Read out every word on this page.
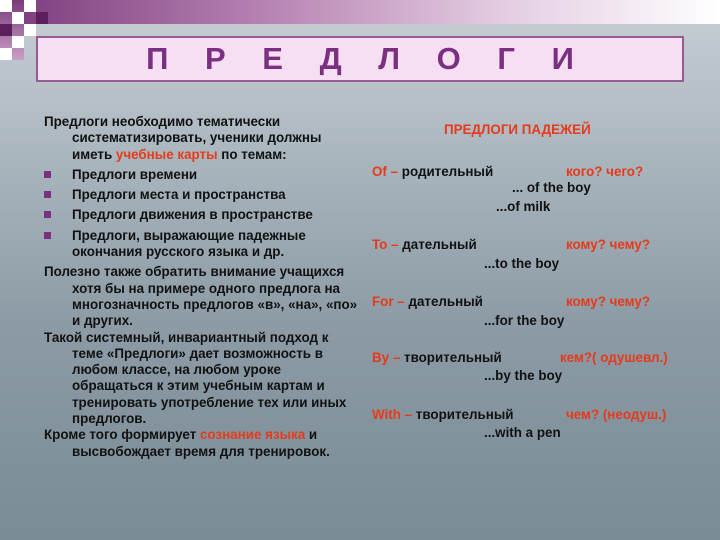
П Р Е Д Л О Г И

Предлоги необходимо тематически систематизировать, ученики должны иметь учебные карты по темам:

Предлоги времени
Предлоги места и пространства
Предлоги движения в пространстве
Предлоги, выражающие падежные окончания русского языка и др.

Полезно также обратить внимание учащихся хотя бы на примере одного предлога на многозначность предлогов «в», «на», «по» и других.

Такой системный, инвариантный подход к теме «Предлоги» дает возможность в любом классе, на любом уроке обращаться к этим учебным картам и тренировать употребление тех или иных предлогов.

Кроме того формирует сознание языка и высвобождает время для тренировок.

ПРЕДЛОГИ ПАДЕЖЕЙ
Of – родительный	кого? чего?
... of the boy
...of milk
To – дательный	кому? чему?
...to the boy
For – дательный	кому? чему?
...for the boy
By – творительный	кем?( одушевл.)
...by the boy
With – творительный	чем? (неодуш.)
...with a pen
